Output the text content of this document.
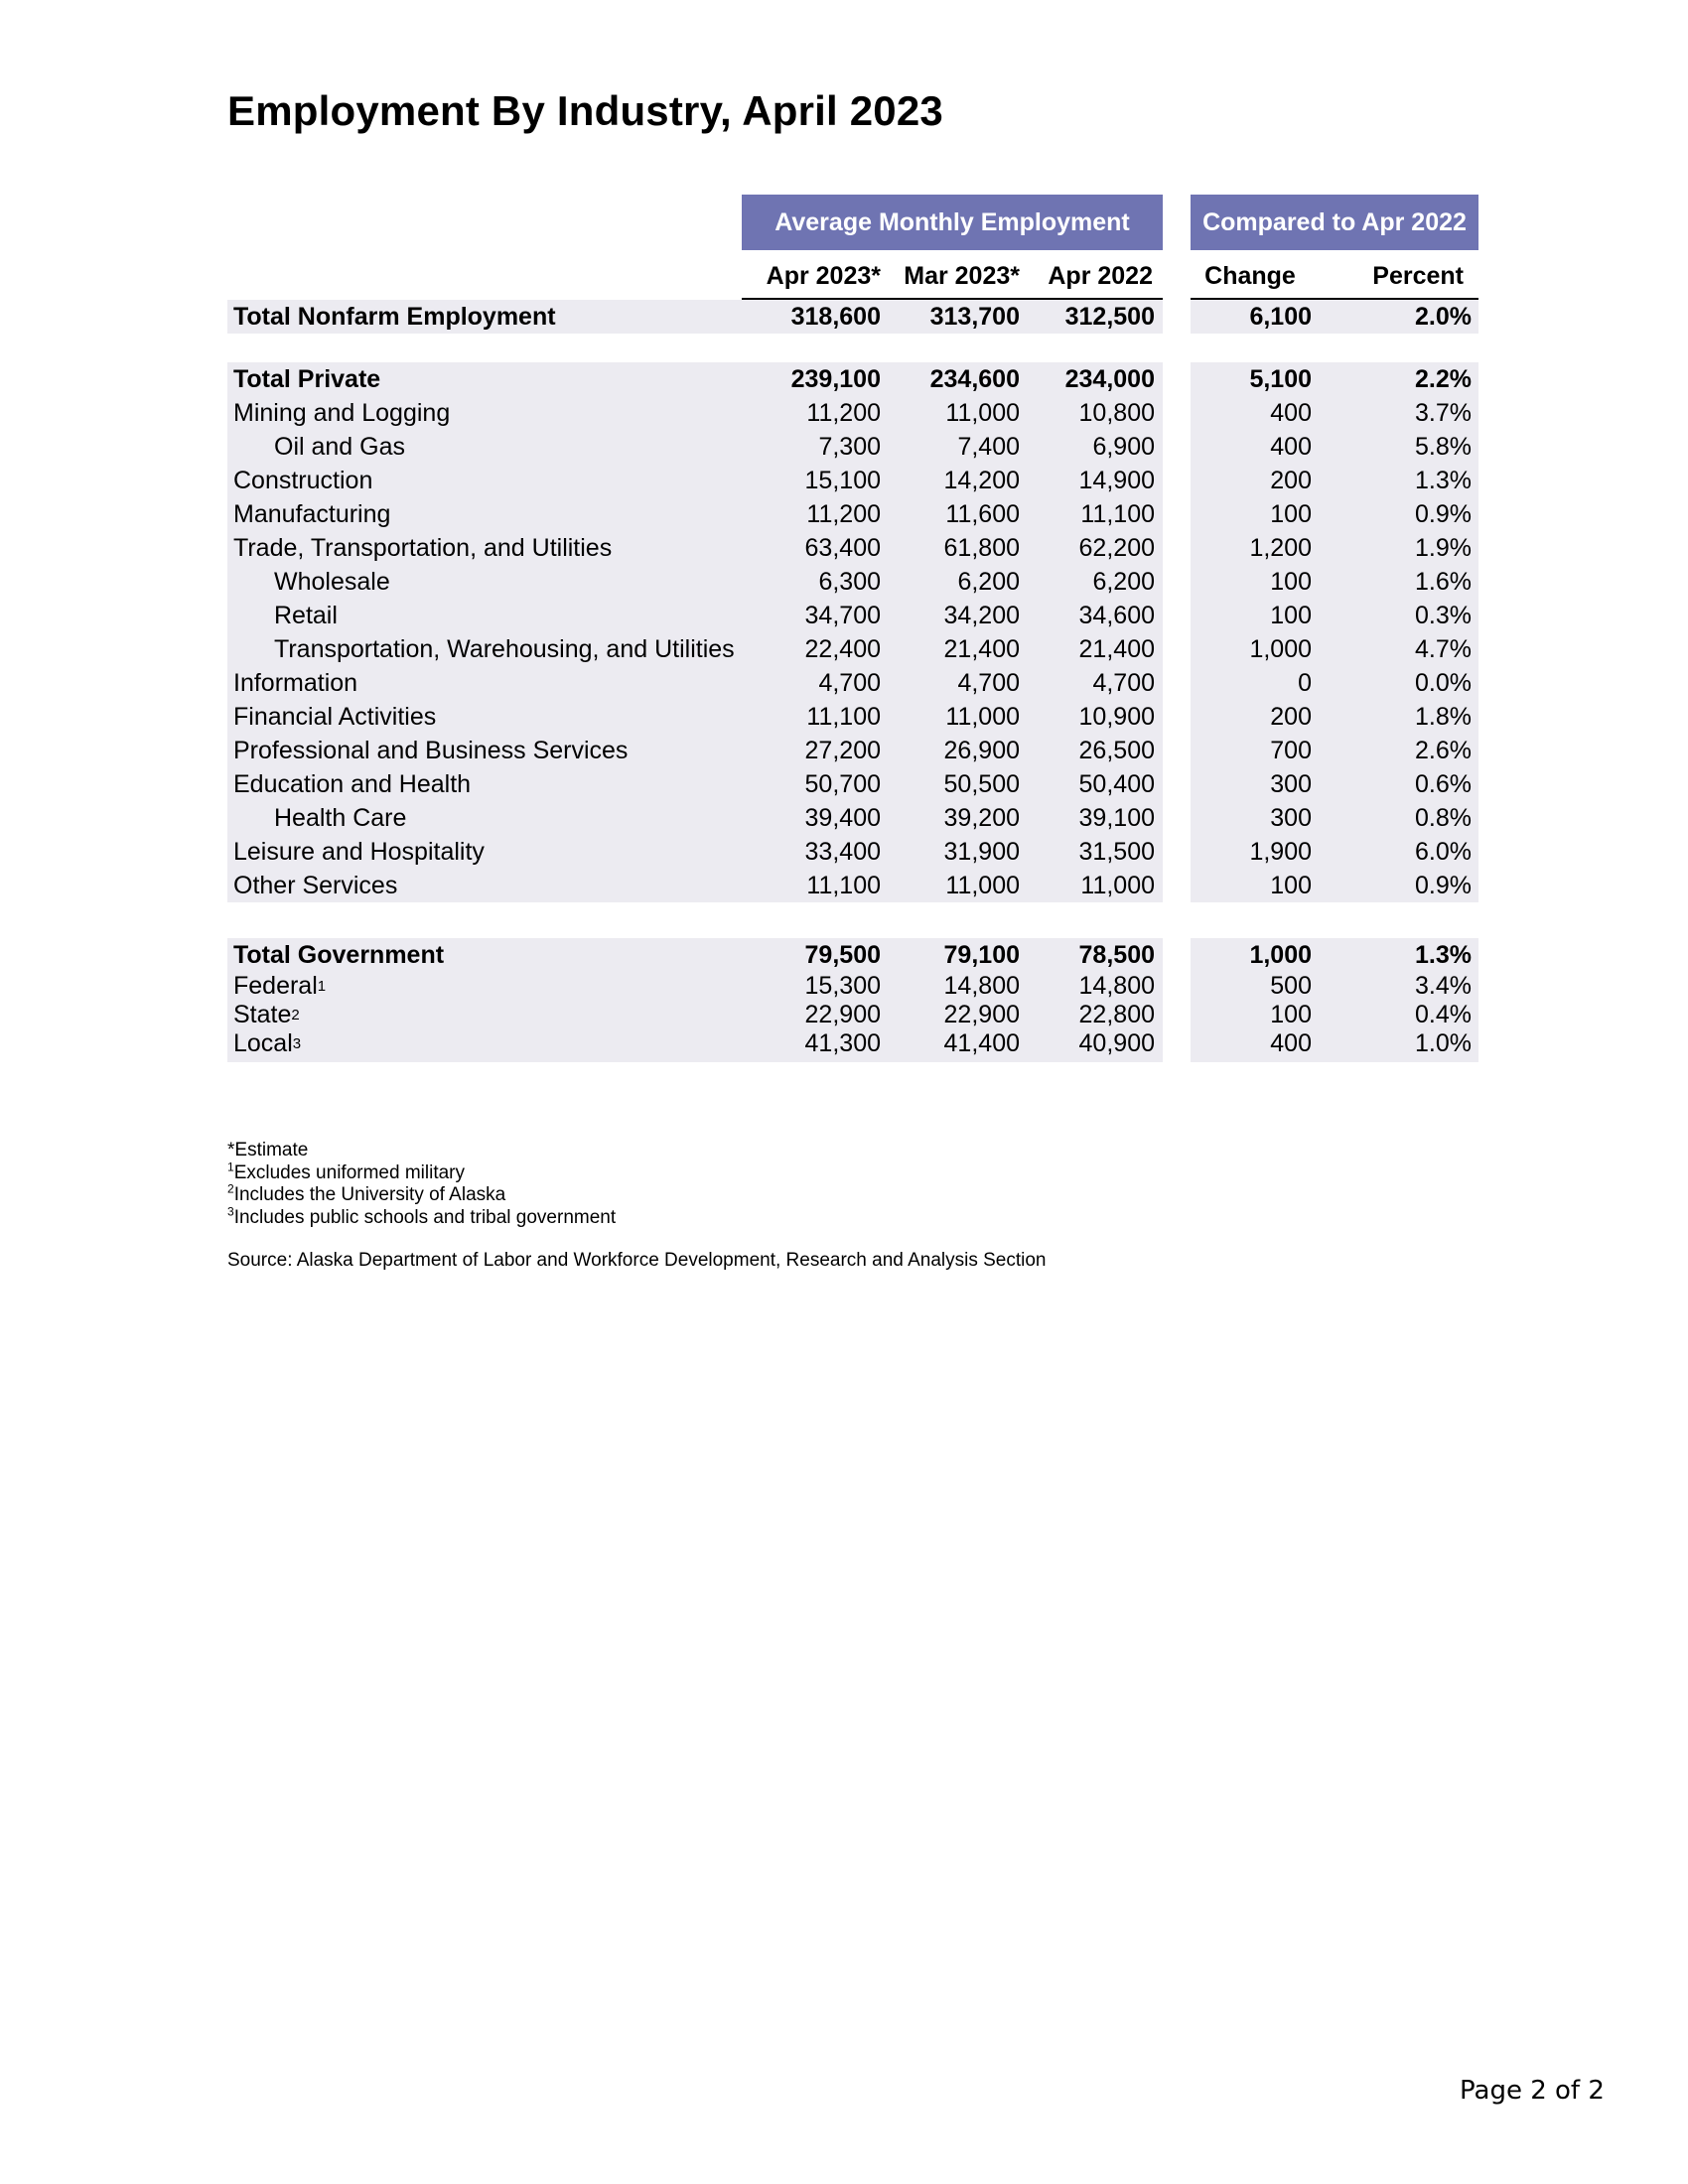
Employment By Industry, April 2023
Average Monthly Employment	Compared to Apr 2022
Apr 2023* Mar 2023*	Apr 2022	Change	Percent
Total Nonfarm Employment	318,600 313,700 312,500	6,100	2.0%
Total Private	239,100 234,600 234,000	5,100	2.2%
Mining and Logging	11,200	11,000 10,800	400	3.7%
Oil and Gas	7,300	7,400	6,900	400	5.8%
Construction	15,100	14,200 14,900	200	1.3%
Manufacturing	11,200	11,600 11,100	100	0.9%
Trade, Transportation, and Utilities	63,400	61,800 62,200	1,200	1.9%
Wholesale	6,300	6,200	6,200	100	1.6%
Retail	34,700	34,200 34,600	100	0.3%
Transportation, Warehousing, and Utilities	22,400	21,400 21,400	1,000	4.7%
Information	4,700	4,700	4,700	0	0.0%
Financial Activities	11,100	11,000 10,900	200	1.8%
Professional and Business Services	27,200	26,900 26,500	700	2.6%
Education and Health	50,700	50,500 50,400	300	0.6%
Health Care	39,400	39,200 39,100	300	0.8%
Leisure and Hospitality	33,400	31,900 31,500	1,900	6.0%
Other Services	11,100	11,000 11,000	100	0.9%
Total Government	79,500	79,100 78,500	1,000	1.3%
Federal 1	15,300	14,800 14,800	500	3.4%
State 2	22,900	22,900 22,800	100	0.4%
Local 3	41,300	41,400 40,900	400	1.0%
*Estimate
$^1$Excludes uniformed military
$^2$Includes the University of Alaska
$^3$Includes public schools and tribal government
Source: Alaska Department of Labor and Workforce Development, Research and Analysis Section
Page 2 of 2
